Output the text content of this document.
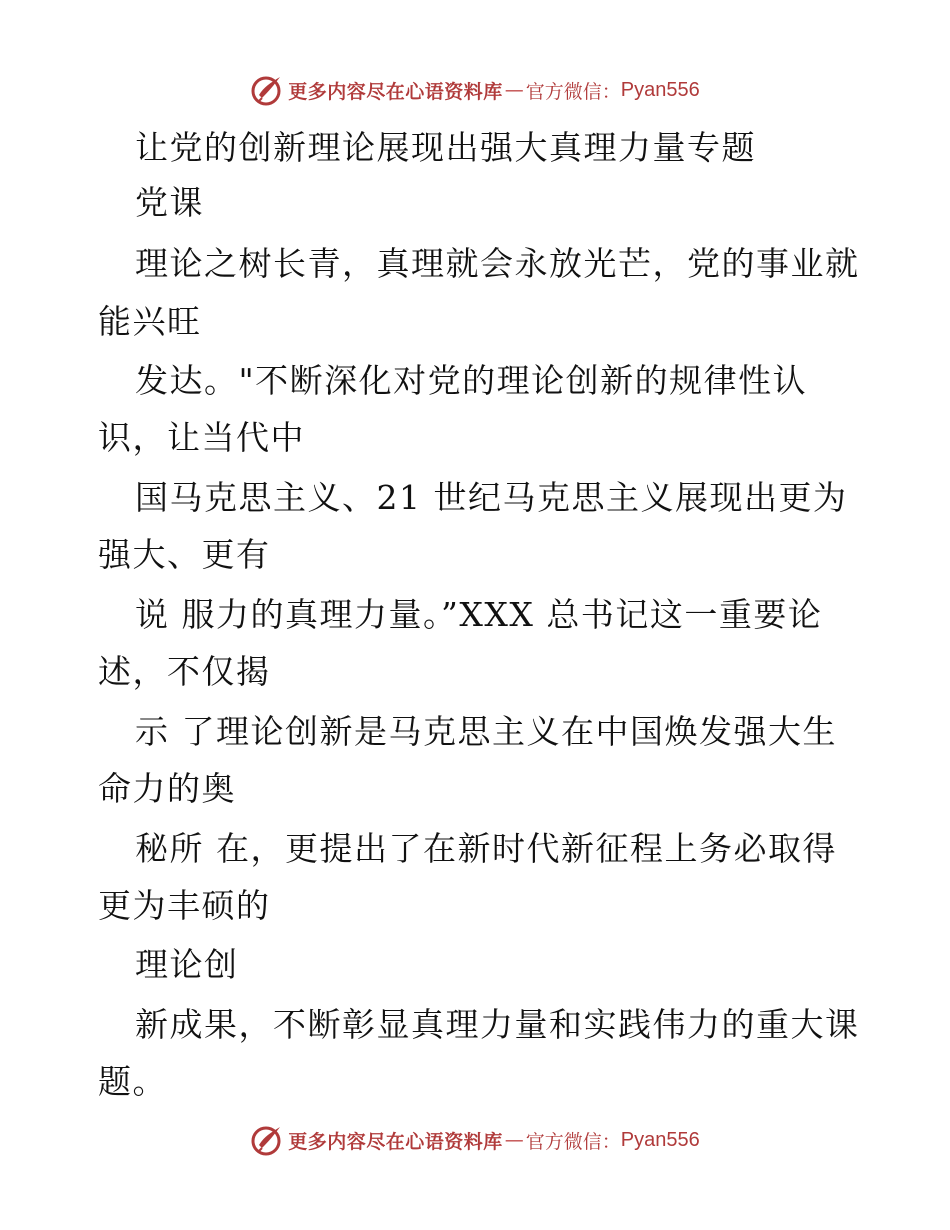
更多内容尽在心语资料库 — 官方微信： Pyan556
让党的创新理论展现出强大真理力量专题
党课
理论之树长青，真理就会永放光芒，党的事业就
能兴旺
发达。"不断深化对党的理论创新的规律性认
识，让当代中
国马克思主义、21 世纪马克思主义展现出更为
强大、更有
说 服力的真理力量。”XXX 总书记这一重要论
述，不仅揭
示 了理论创新是马克思主义在中国焕发强大生
命力的奥
秘所 在，更提出了在新时代新征程上务必取得
更为丰硕的
理论创
新成果，不断彰显真理力量和实践伟力的重大课
题。
更多内容尽在心语资料库 — 官方微信： Pyan556
